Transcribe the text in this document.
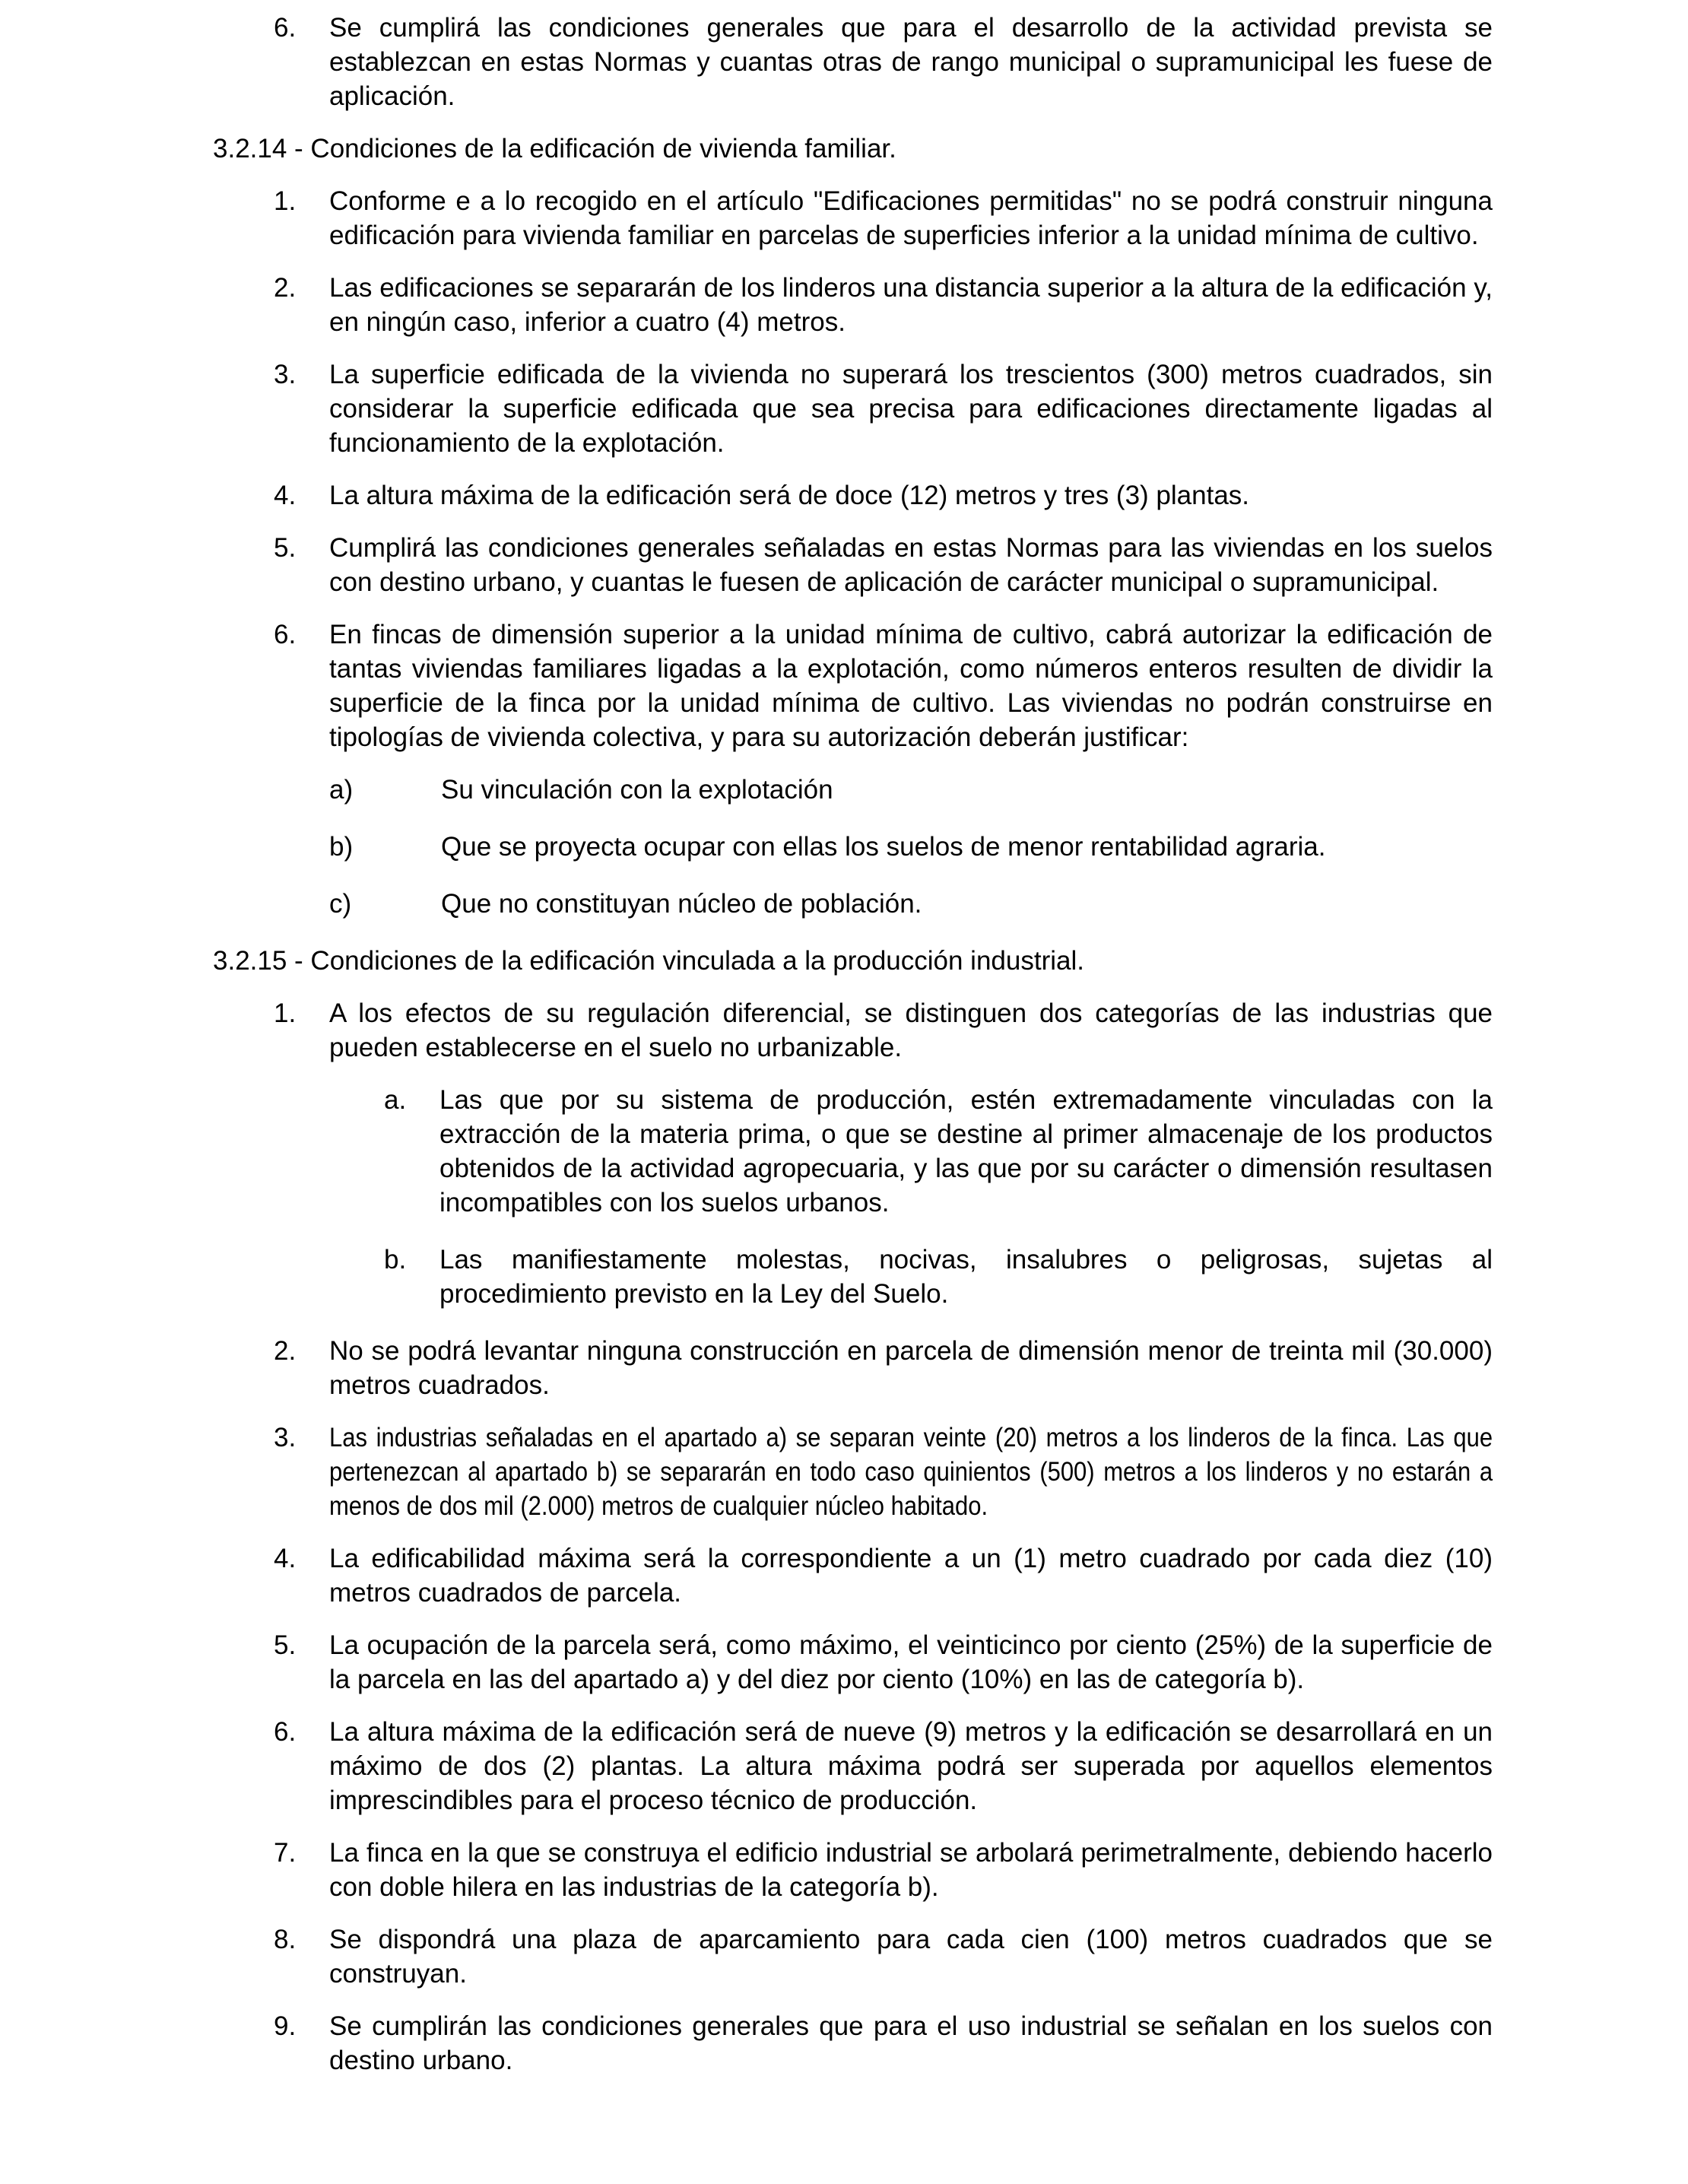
6.	Se cumplirá las condiciones generales que para el desarrollo de la actividad prevista se establezcan en estas Normas y cuantas otras de rango municipal o supramunicipal les fuese de aplicación.
3.2.14 - Condiciones de la edificación de vivienda familiar.
1.	Conforme e a lo recogido en el artículo "Edificaciones permitidas" no se podrá construir ninguna edificación para vivienda familiar en parcelas de superficies inferior a la unidad mínima de cultivo.
2.	Las edificaciones se separarán de los linderos una distancia superior a la altura de la edificación y, en ningún caso, inferior a cuatro (4) metros.
3.	La superficie edificada de la vivienda no superará los trescientos (300) metros cuadrados, sin considerar la superficie edificada que sea precisa para edificaciones directamente ligadas al funcionamiento de la explotación.
4.	La altura máxima de la edificación será de doce (12) metros y tres (3) plantas.
5.	Cumplirá las condiciones generales señaladas en estas Normas para las viviendas en los suelos con destino urbano, y cuantas le fuesen de aplicación de carácter municipal o supramunicipal.
6.	En fincas de dimensión superior a la unidad mínima de cultivo, cabrá autorizar la edificación de tantas viviendas familiares ligadas a la explotación, como números enteros resulten de dividir la superficie de la finca por la unidad mínima de cultivo. Las viviendas no podrán construirse en tipologías de vivienda colectiva, y para su autorización deberán justificar:
a)	Su vinculación con la explotación
b)	Que se proyecta ocupar con ellas los suelos de menor rentabilidad agraria.
c)	Que no constituyan núcleo de población.
3.2.15 - Condiciones de la edificación vinculada a la producción industrial.
1.	A los efectos de su regulación diferencial, se distinguen dos categorías de las industrias que pueden establecerse en el suelo no urbanizable.
a.	Las que por su sistema de producción, estén extremadamente vinculadas con la extracción de la materia prima, o que se destine al primer almacenaje de los productos obtenidos de la actividad agropecuaria, y las que por su carácter o dimensión resultasen incompatibles con los suelos urbanos.
b.	Las manifiestamente molestas, nocivas, insalubres o peligrosas, sujetas al procedimiento previsto en la Ley del Suelo.
2.	No se podrá levantar ninguna construcción en parcela de dimensión menor de treinta mil (30.000) metros cuadrados.
3.	Las industrias señaladas en el apartado a) se separan veinte (20) metros a los linderos de la finca. Las que pertenezcan al apartado b) se separarán en todo caso quinientos (500) metros a los linderos y no estarán a menos de dos mil (2.000) metros de cualquier núcleo habitado.
4.	La edificabilidad máxima será la correspondiente a un (1) metro cuadrado por cada diez (10) metros cuadrados de parcela.
5.	La ocupación de la parcela será, como máximo, el veinticinco por ciento (25%) de la superficie de la parcela en las del apartado a) y del diez por ciento (10%) en las de categoría b).
6.	La altura máxima de la edificación será de nueve (9) metros y la edificación se desarrollará en un máximo de dos (2) plantas. La altura máxima podrá ser superada por aquellos elementos imprescindibles para el proceso técnico de producción.
7.	La finca en la que se construya el edificio industrial se arbolará perimetralmente, debiendo hacerlo con doble hilera en las industrias de la categoría b).
8.	Se dispondrá una plaza de aparcamiento para cada cien (100) metros cuadrados que se construyan.
9.	Se cumplirán las condiciones generales que para el uso industrial se señalan en los suelos con destino urbano.
